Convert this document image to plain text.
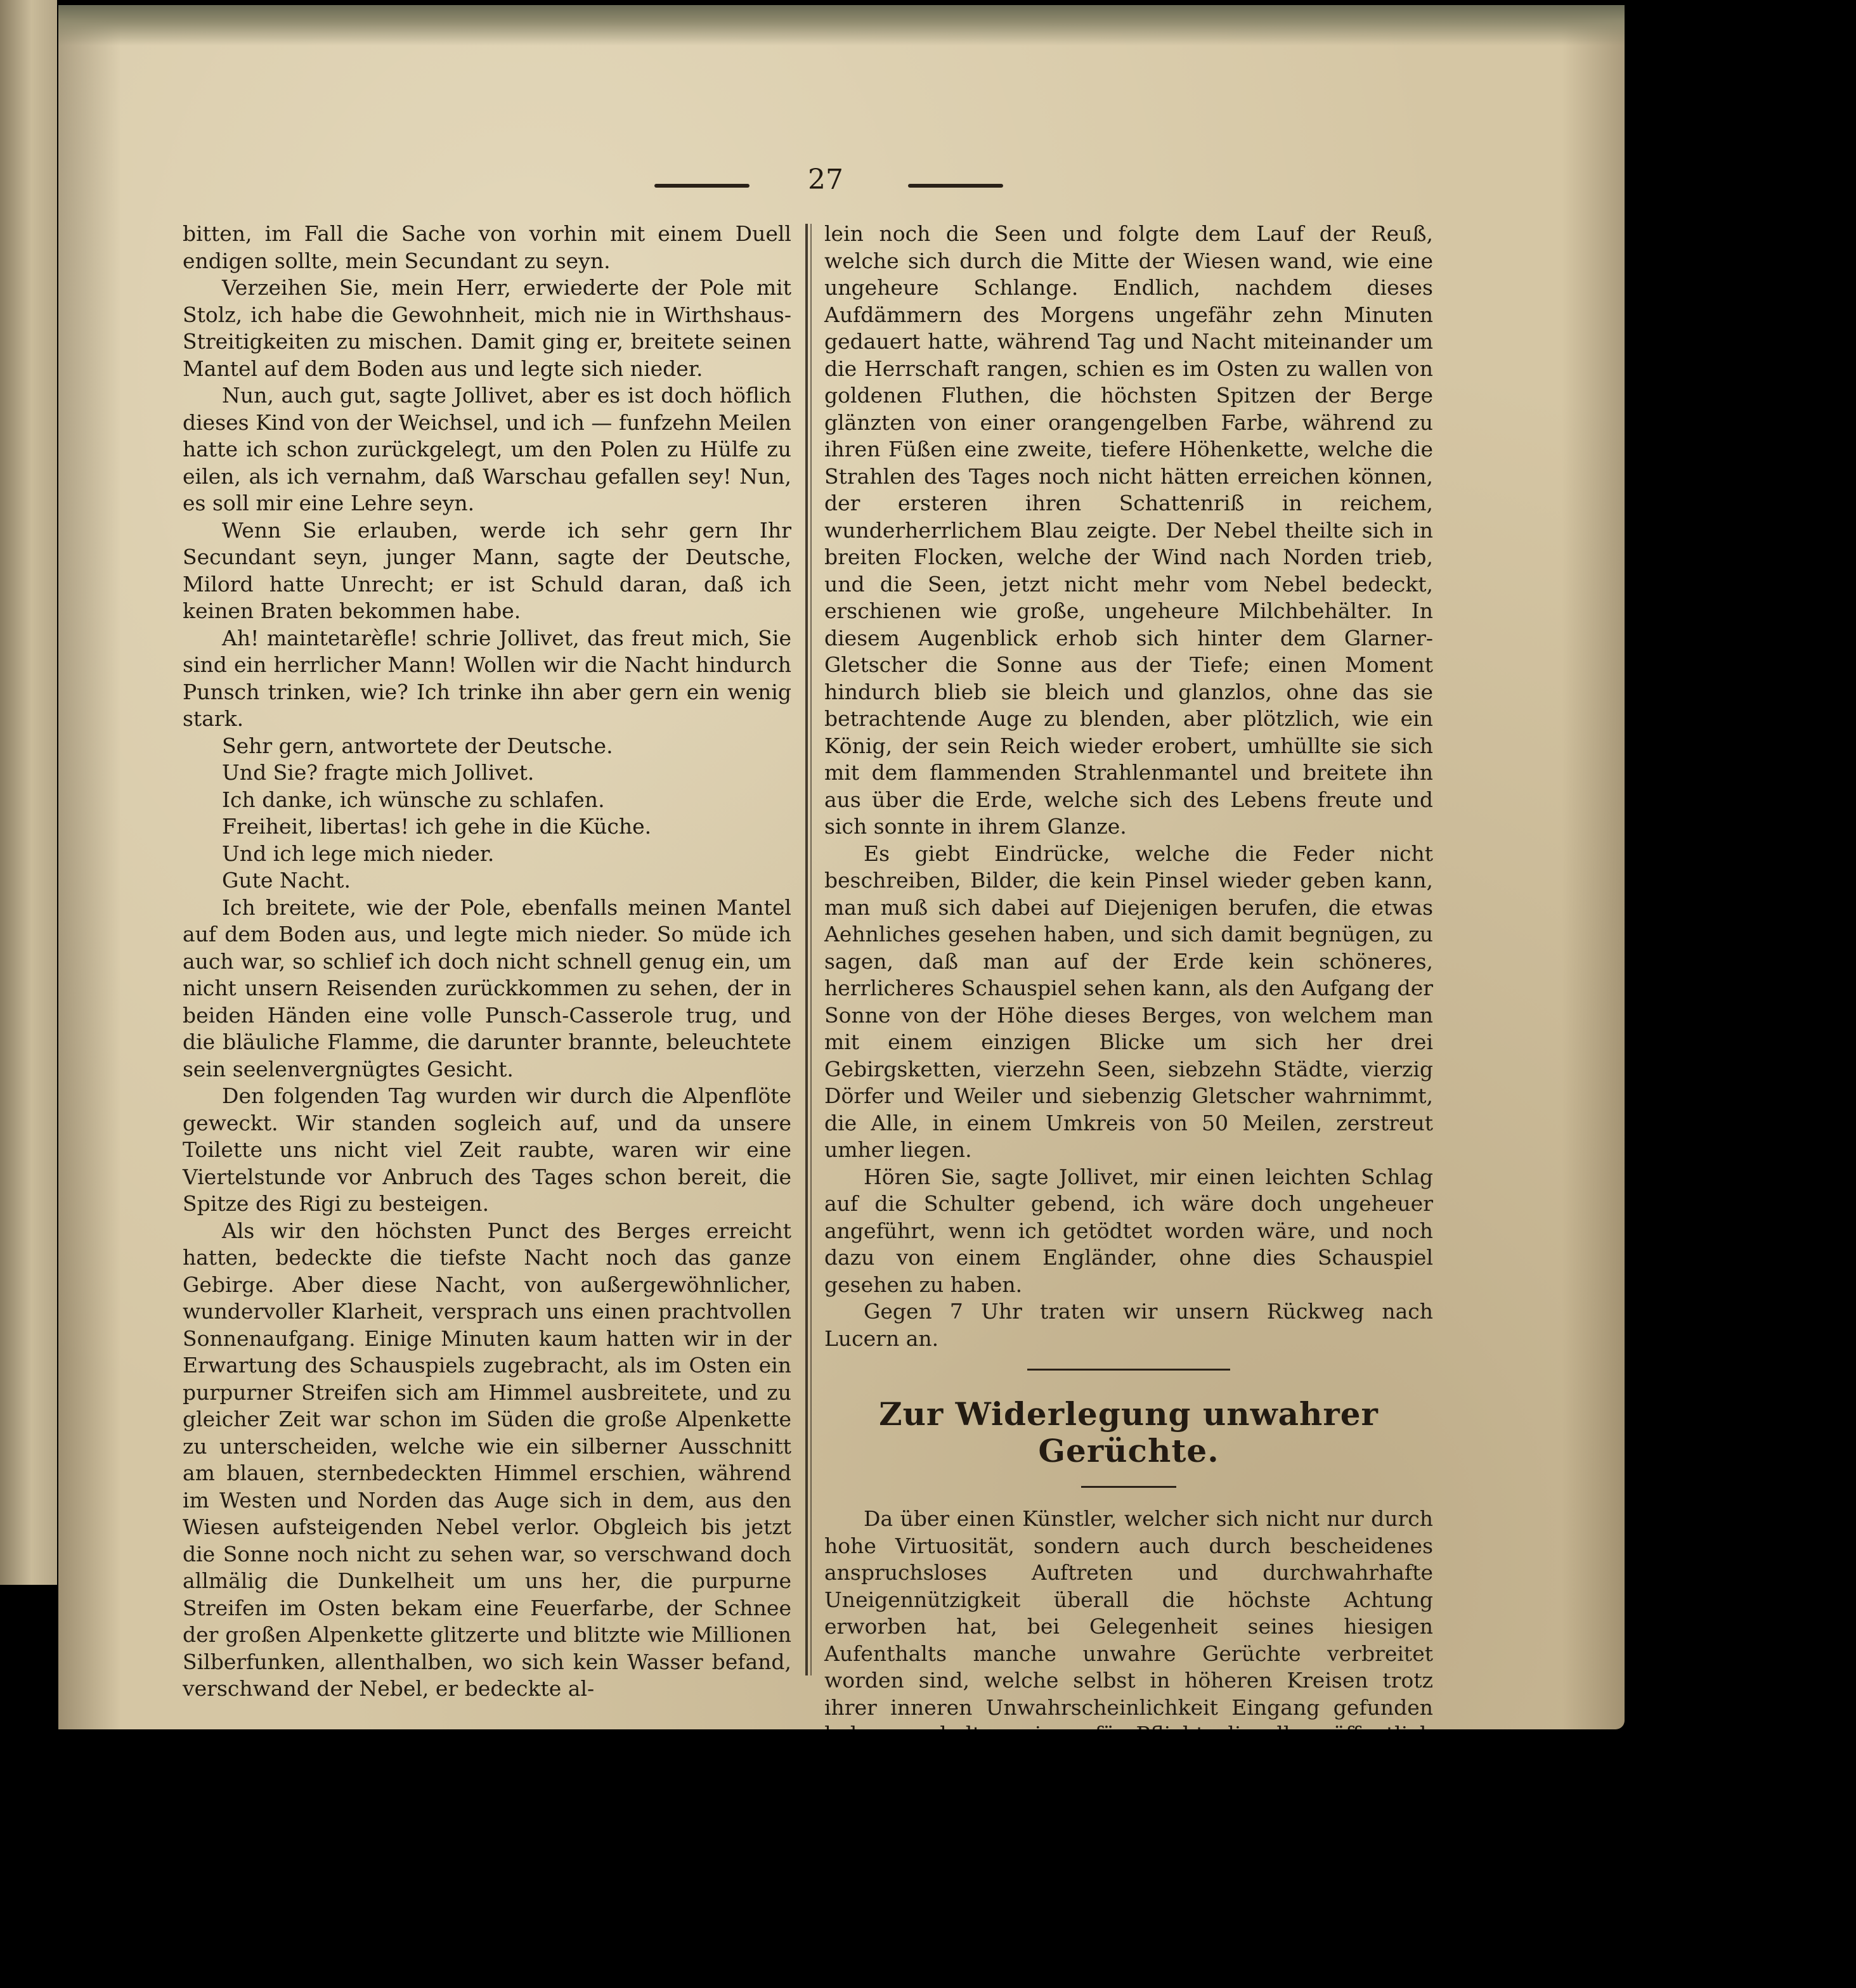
27

bitten, im Fall die Sache von vorhin mit einem Duell endigen sollte, mein Secundant zu seyn.

Verzeihen Sie, mein Herr, erwiederte der Pole mit Stolz, ich habe die Gewohnheit, mich nie in Wirthshaus-Streitigkeiten zu mischen. Damit ging er, breitete seinen Mantel auf dem Boden aus und legte sich nieder.

Nun, auch gut, sagte Jollivet, aber es ist doch höflich dieses Kind von der Weichsel, und ich — funfzehn Meilen hatte ich schon zurückgelegt, um den Polen zu Hülfe zu eilen, als ich vernahm, daß Warschau gefallen sey! Nun, es soll mir eine Lehre seyn.

Wenn Sie erlauben, werde ich sehr gern Ihr Secundant seyn, junger Mann, sagte der Deutsche, Milord hatte Unrecht; er ist Schuld daran, daß ich keinen Braten bekommen habe.

Ah! maintetarèfle! schrie Jollivet, das freut mich, Sie sind ein herrlicher Mann! Wollen wir die Nacht hindurch Punsch trinken, wie? Ich trinke ihn aber gern ein wenig stark.

Sehr gern, antwortete der Deutsche.

Und Sie? fragte mich Jollivet.

Ich danke, ich wünsche zu schlafen.

Freiheit, libertas! ich gehe in die Küche.

Und ich lege mich nieder.

Gute Nacht.

Ich breitete, wie der Pole, ebenfalls meinen Mantel auf dem Boden aus, und legte mich nieder. So müde ich auch war, so schlief ich doch nicht schnell genug ein, um nicht unsern Reisenden zurückkommen zu sehen, der in beiden Händen eine volle Punsch-Casserole trug, und die bläuliche Flamme, die darunter brannte, beleuchtete sein seelenvergnügtes Gesicht.

Den folgenden Tag wurden wir durch die Alpenflöte geweckt. Wir standen sogleich auf, und da unsere Toilette uns nicht viel Zeit raubte, waren wir eine Viertelstunde vor Anbruch des Tages schon bereit, die Spitze des Rigi zu besteigen.

Als wir den höchsten Punct des Berges erreicht hatten, bedeckte die tiefste Nacht noch das ganze Gebirge. Aber diese Nacht, von außergewöhnlicher, wundervoller Klarheit, versprach uns einen prachtvollen Sonnenaufgang. Einige Minuten kaum hatten wir in der Erwartung des Schauspiels zugebracht, als im Osten ein purpurner Streifen sich am Himmel ausbreitete, und zu gleicher Zeit war schon im Süden die große Alpenkette zu unterscheiden, welche wie ein silberner Ausschnitt am blauen, sternbedeckten Himmel erschien, während im Westen und Norden das Auge sich in dem, aus den Wiesen aufsteigenden Nebel verlor. Obgleich bis jetzt die Sonne noch nicht zu sehen war, so verschwand doch allmälig die Dunkelheit um uns her, die purpurne Streifen im Osten bekam eine Feuerfarbe, der Schnee der großen Alpenkette glitzerte und blitzte wie Millionen Silberfunken, allenthalben, wo sich kein Wasser befand, verschwand der Nebel, er bedeckte al-

lein noch die Seen und folgte dem Lauf der Reuß, welche sich durch die Mitte der Wiesen wand, wie eine ungeheure Schlange. Endlich, nachdem dieses Aufdämmern des Morgens ungefähr zehn Minuten gedauert hatte, während Tag und Nacht miteinander um die Herrschaft rangen, schien es im Osten zu wallen von goldenen Fluthen, die höchsten Spitzen der Berge glänzten von einer orangengelben Farbe, während zu ihren Füßen eine zweite, tiefere Höhenkette, welche die Strahlen des Tages noch nicht hätten erreichen können, der ersteren ihren Schattenriß in reichem, wunderherrlichem Blau zeigte. Der Nebel theilte sich in breiten Flocken, welche der Wind nach Norden trieb, und die Seen, jetzt nicht mehr vom Nebel bedeckt, erschienen wie große, ungeheure Milchbehälter. In diesem Augenblick erhob sich hinter dem Glarner-Gletscher die Sonne aus der Tiefe; einen Moment hindurch blieb sie bleich und glanzlos, ohne das sie betrachtende Auge zu blenden, aber plötzlich, wie ein König, der sein Reich wieder erobert, umhüllte sie sich mit dem flammenden Strahlenmantel und breitete ihn aus über die Erde, welche sich des Lebens freute und sich sonnte in ihrem Glanze.

Es giebt Eindrücke, welche die Feder nicht beschreiben, Bilder, die kein Pinsel wieder geben kann, man muß sich dabei auf Diejenigen berufen, die etwas Aehnliches gesehen haben, und sich damit begnügen, zu sagen, daß man auf der Erde kein schöneres, herrlicheres Schauspiel sehen kann, als den Aufgang der Sonne von der Höhe dieses Berges, von welchem man mit einem einzigen Blicke um sich her drei Gebirgsketten, vierzehn Seen, siebzehn Städte, vierzig Dörfer und Weiler und siebenzig Gletscher wahrnimmt, die Alle, in einem Umkreis von 50 Meilen, zerstreut umher liegen.

Hören Sie, sagte Jollivet, mir einen leichten Schlag auf die Schulter gebend, ich wäre doch ungeheuer angeführt, wenn ich getödtet worden wäre, und noch dazu von einem Engländer, ohne dies Schauspiel gesehen zu haben.

Gegen 7 Uhr traten wir unsern Rückweg nach Lucern an.

Zur Widerlegung unwahrer Gerüchte.

Da über einen Künstler, welcher sich nicht nur durch hohe Virtuosität, sondern auch durch bescheidenes anspruchsloses Auftreten und durchwahrhafte Uneigennützigkeit überall die höchste Achtung erworben hat, bei Gelegenheit seines hiesigen Aufenthalts manche unwahre Gerüchte verbreitet worden sind, welche selbst in höheren Kreisen trotz ihrer inneren Unwahrscheinlichkeit Eingang gefunden
